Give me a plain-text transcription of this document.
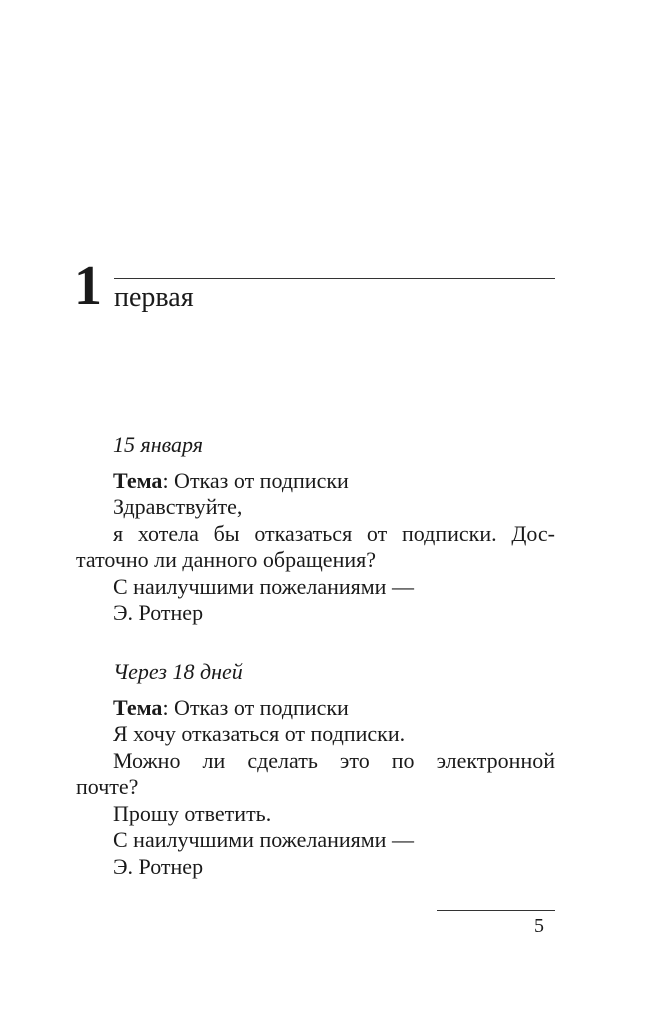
1 первая
15 января
Тема: Отказ от подписки
Здравствуйте,
я хотела бы отказаться от подписки. Дос-
таточно ли данного обращения?
С наилучшими пожеланиями —
Э. Ротнер
Через 18 дней
Тема: Отказ от подписки
Я хочу отказаться от подписки.
Можно ли сделать это по электронной
почте?
Прошу ответить.
С наилучшими пожеланиями —
Э. Ротнер
5
